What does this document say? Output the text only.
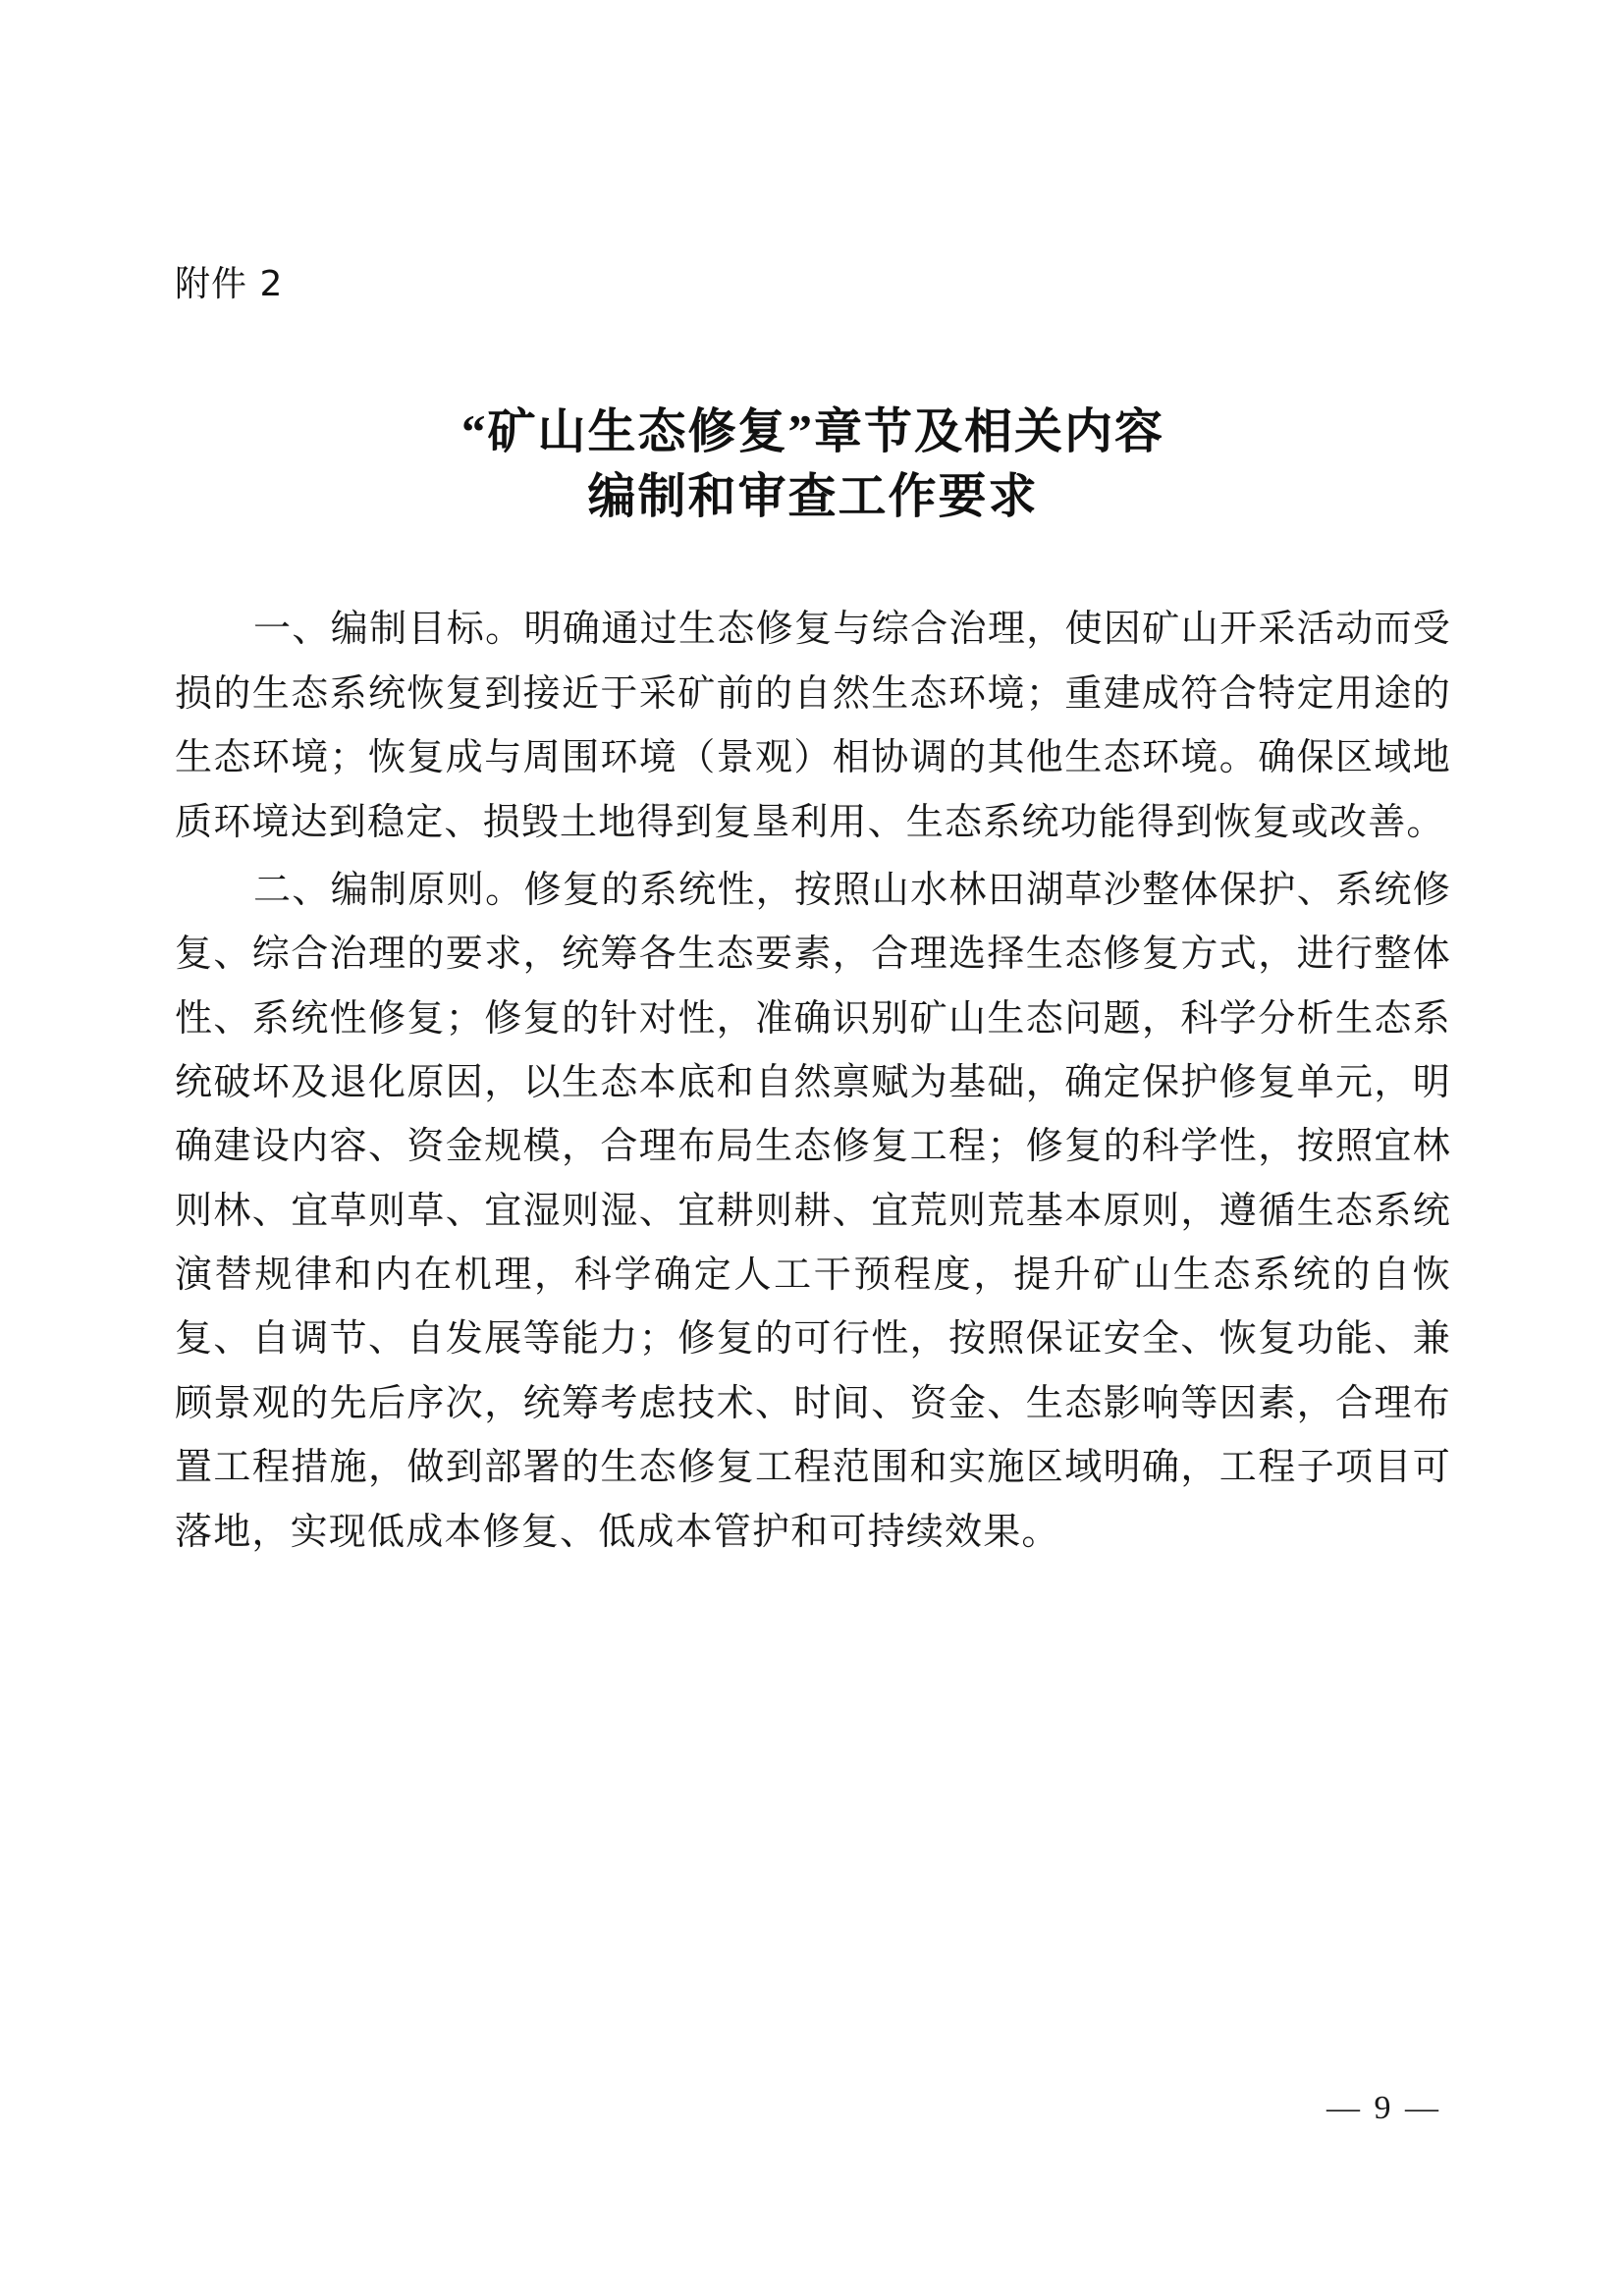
附件 2
“矿山生态修复”章节及相关内容
编制和审查工作要求

一、编制目标。明确通过生态修复与综合治理，使因矿山开采活动而受损的生态系统恢复到接近于采矿前的自然生态环境；重建成符合特定用途的生态环境；恢复成与周围环境（景观）相协调的其他生态环境。确保区域地质环境达到稳定、损毁土地得到复垦利用、生态系统功能得到恢复或改善。

二、编制原则。修复的系统性，按照山水林田湖草沙整体保护、系统修复、综合治理的要求，统筹各生态要素，合理选择生态修复方式，进行整体性、系统性修复；修复的针对性，准确识别矿山生态问题，科学分析生态系统破坏及退化原因，以生态本底和自然禀赋为基础，确定保护修复单元，明确建设内容、资金规模，合理布局生态修复工程；修复的科学性，按照宜林则林、宜草则草、宜湿则湿、宜耕则耕、宜荒则荒基本原则，遵循生态系统演替规律和内在机理，科学确定人工干预程度，提升矿山生态系统的自恢复、自调节、自发展等能力；修复的可行性，按照保证安全、恢复功能、兼顾景观的先后序次，统筹考虑技术、时间、资金、生态影响等因素，合理布置工程措施，做到部署的生态修复工程范围和实施区域明确，工程子项目可落地，实现低成本修复、低成本管护和可持续效果。

— 9 —
